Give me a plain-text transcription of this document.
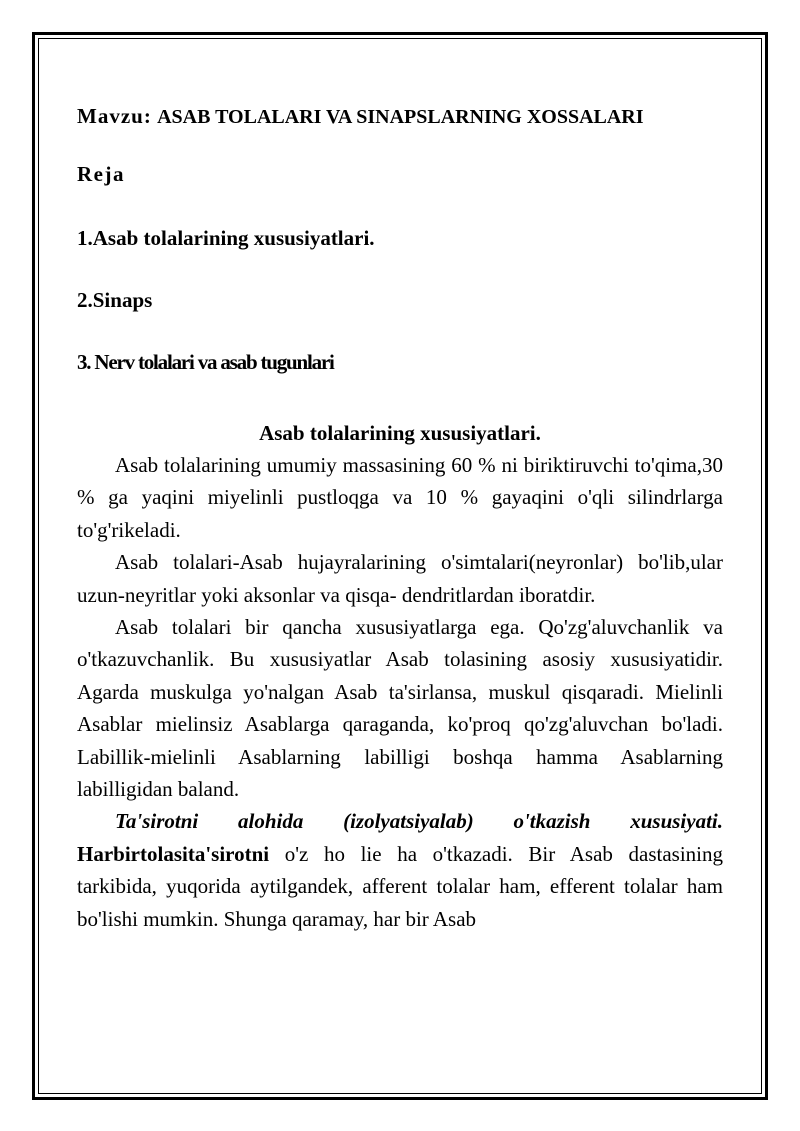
Mavzu: ASAB TOLALARI VA SINAPSLARNING XOSSALARI

Reja

1.Asab tolalarining xususiyatlari.

2.Sinaps

3. Nerv tolalari va asab tugunlari

Asab tolalarining xususiyatlari.

Asab tolalarining umumiy massasining 60 % ni biriktiruvchi to'qima,30 % ga yaqini miyelinli pustloqga va 10 % gayaqini o'qli silindrlarga to'g'rikeladi.

Asab tolalari-Asab hujayralarining o'simtalari(neyronlar) bo'lib,ular uzun-neyritlar yoki aksonlar va qisqa- dendritlardan iboratdir.

Asab tolalari bir qancha xususiyatlarga ega. Qo'zg'aluvchanlik va o'tkazuvchanlik. Bu xususiyatlar Asab tolasining asosiy xususiyatidir. Agarda muskulga yo'nalgan Asab ta'sirlansa, muskul qisqaradi. Mielinli Asablar mielinsiz Asablarga qaraganda, ko'proq qo'zg'aluvchan bo'ladi. Labillik-mielinli Asablarning labilligi boshqa hamma Asablarning labilligidan baland.

Ta'sirotni alohida (izolyatsiyalab) o'tkazish xususiyati. Harbirtolasita'sirotni o'z ho lie ha o'tkazadi. Bir Asab dastasining tarkibida, yuqorida aytilgandek, afferent tolalar ham, efferent tolalar ham bo'lishi mumkin. Shunga qaramay, har bir Asab
